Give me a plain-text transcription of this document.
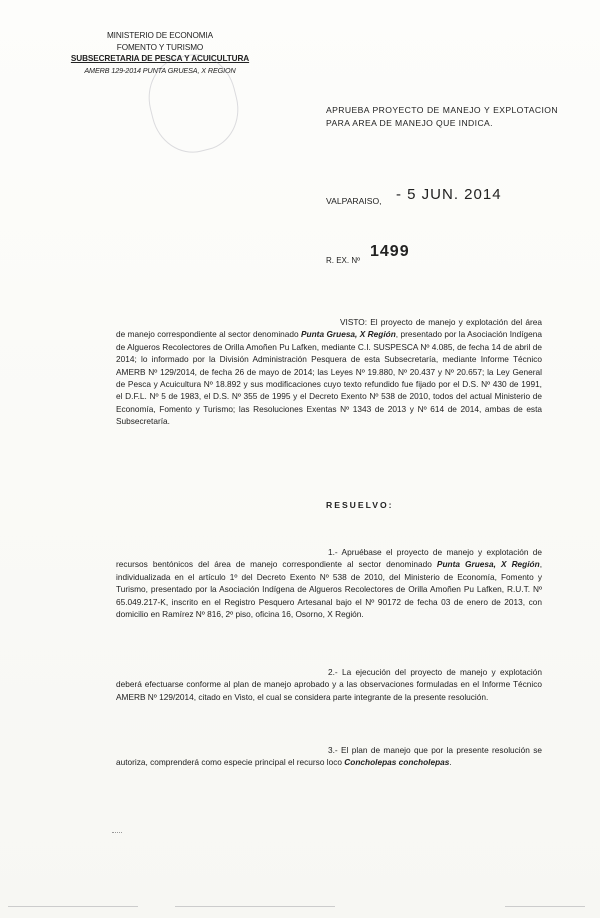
MINISTERIO DE ECONOMIA
FOMENTO Y TURISMO
SUBSECRETARIA DE PESCA Y ACUICULTURA
AMERB 129-2014 PUNTA GRUESA, X REGION
APRUEBA PROYECTO DE MANEJO Y EXPLOTACION PARA AREA DE MANEJO QUE INDICA.
VALPARAISO, - 5 JUN. 2014
R. EX. Nº
1499
VISTO: El proyecto de manejo y explotación del área de manejo correspondiente al sector denominado Punta Gruesa, X Región, presentado por la Asociación Indígena de Algueros Recolectores de Orilla Amoñen Pu Lafken, mediante C.I. SUSPESCA Nº 4.085, de fecha 14 de abril de 2014; lo informado por la División Administración Pesquera de esta Subsecretaría, mediante Informe Técnico AMERB Nº 129/2014, de fecha 26 de mayo de 2014; las Leyes Nº 19.880, Nº 20.437 y Nº 20.657; la Ley General de Pesca y Acuicultura Nº 18.892 y sus modificaciones cuyo texto refundido fue fijado por el D.S. Nº 430 de 1991, el D.F.L. Nº 5 de 1983, el D.S. Nº 355 de 1995 y el Decreto Exento Nº 538 de 2010, todos del actual Ministerio de Economía, Fomento y Turismo; las Resoluciones Exentas Nº 1343 de 2013 y Nº 614 de 2014, ambas de esta Subsecretaría.
RESUELVO:
1.- Apruébase el proyecto de manejo y explotación de recursos bentónicos del área de manejo correspondiente al sector denominado Punta Gruesa, X Región, individualizada en el artículo 1º del Decreto Exento Nº 538 de 2010, del Ministerio de Economía, Fomento y Turismo, presentado por la Asociación Indígena de Algueros Recolectores de Orilla Amoñen Pu Lafken, R.U.T. Nº 65.049.217-K, inscrito en el Registro Pesquero Artesanal bajo el Nº 90172 de fecha 03 de enero de 2013, con domicilio en Ramírez Nº 816, 2º piso, oficina 16, Osorno, X Región.
2.- La ejecución del proyecto de manejo y explotación deberá efectuarse conforme al plan de manejo aprobado y a las observaciones formuladas en el Informe Técnico AMERB Nº 129/2014, citado en Visto, el cual se considera parte integrante de la presente resolución.
3.- El plan de manejo que por la presente resolución se autoriza, comprenderá como especie principal el recurso loco Concholepas concholepas.
